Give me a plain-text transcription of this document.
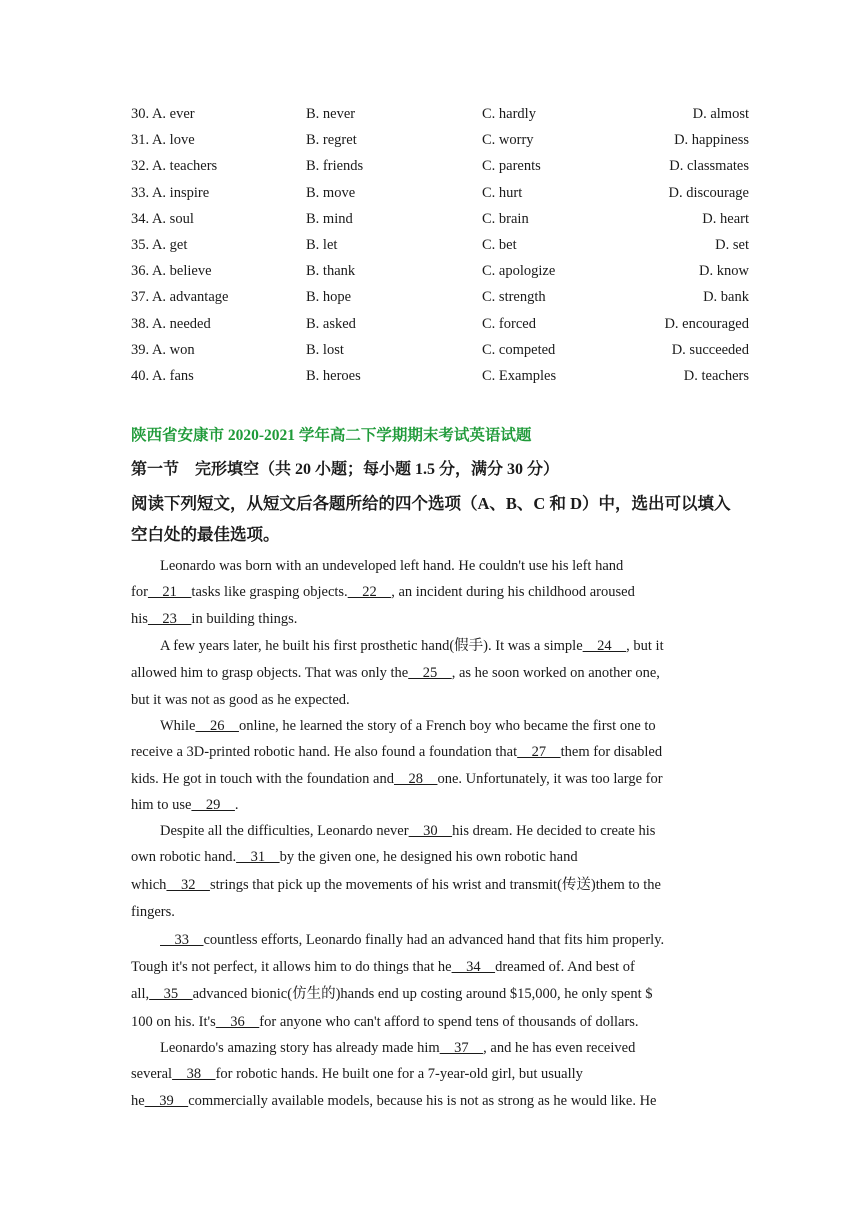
30. A. ever	B. never	C. hardly	D. almost
31. A. love	B. regret	C. worry	D. happiness
32. A. teachers	B. friends	C. parents	D. classmates
33. A. inspire	B. move	C. hurt	D. discourage
34. A. soul	B. mind	C. brain	D. heart
35. A. get	B. let	C. bet	D. set
36. A. believe	B. thank	C. apologize	D. know
37. A. advantage	B. hope	C. strength	D. bank
38. A. needed	B. asked	C. forced	D. encouraged
39. A. won	B. lost	C. competed	D. succeeded
40. A. fans	B. heroes	C. Examples	D. teachers
陕西省安康市 2020-2021 学年高二下学期期末考试英语试题
第一节　完形填空（共 20 小题；每小题 1.5 分，满分 30 分）
阅读下列短文，从短文后各题所给的四个选项（A、B、C 和 D）中，选出可以填入空白处的最佳选项。
Leonardo was born with an undeveloped left hand. He couldn't use his left hand
for    21    tasks like grasping objects.    22    , an incident during his childhood aroused
his    23    in building things.
A few years later, he built his first prosthetic hand(假手). It was a simple    24    , but it
allowed him to grasp objects. That was only the    25    , as he soon worked on another one,
but it was not as good as he expected.
While    26    online, he learned the story of a French boy who became the first one to
receive a 3D-printed robotic hand. He also found a foundation that    27    them for disabled
kids. He got in touch with the foundation and    28    one. Unfortunately, it was too large for
him to use    29    .
Despite all the difficulties, Leonardo never    30    his dream. He decided to create his
own robotic hand.    31    by the given one, he designed his own robotic hand
which    32    strings that pick up the movements of his wrist and transmit(传送)them to the
fingers.
33    countless efforts, Leonardo finally had an advanced hand that fits him properly.
Tough it's not perfect, it allows him to do things that he    34    dreamed of. And best of
all,    35    advanced bionic(仿生的)hands end up costing around $15,000, he only spent $
100 on his. It's    36    for anyone who can't afford to spend tens of thousands of dollars.
Leonardo's amazing story has already made him    37    , and he has even received
several    38    for robotic hands. He built one for a 7-year-old girl, but usually
he    39    commercially available models, because his is not as strong as he would like. He
